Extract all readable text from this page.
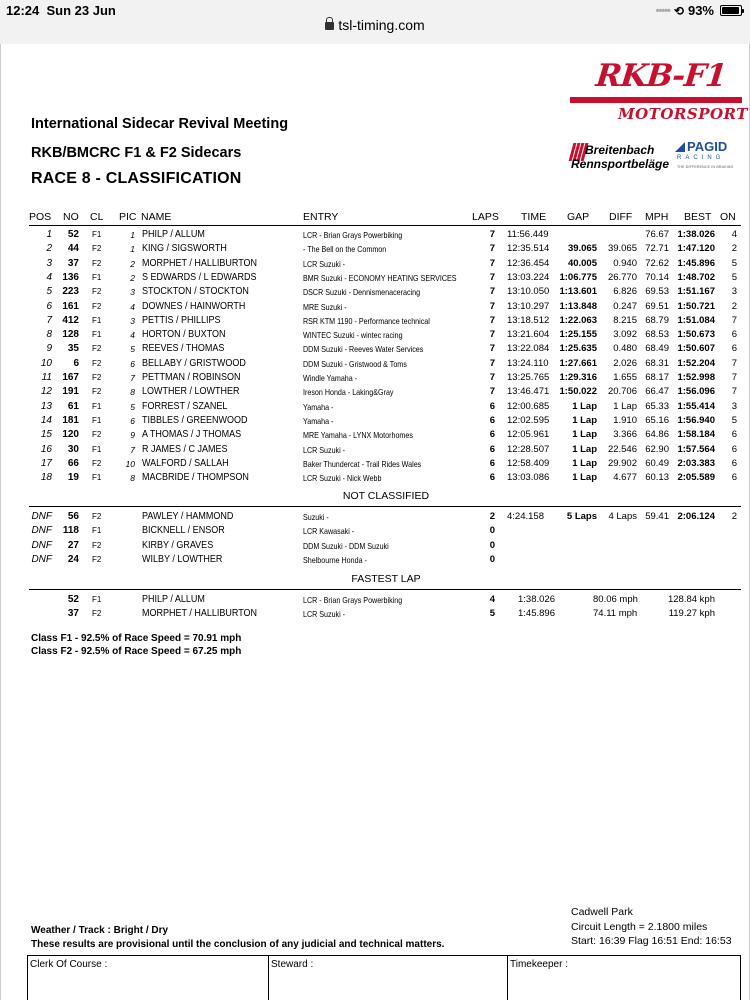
12:24 Sun 23 Jun	••••• ⟲ 93%
tsl-timing.com
RKB-F1
MOTORSPORT
Breitenbach
Rennsportbeläge
PAGID
RACING
THE DIFFERENCE IN BRAKING
International Sidecar Revival Meeting
RKB/BMCRC F1 & F2 Sidecars
RACE 8 - CLASSIFICATION
POS NO CL PIC NAME	ENTRY	LAPS TIME GAP DIFF MPH BEST ON
1	52 F1	1 PHILP / ALLUM	LCR - Brian Grays Powerbiking	7 11:56.449	76.67 1:38.026 4
2	44 F2	1 KING / SIGSWORTH	- The Bell on the Common	7 12:35.514	39.065	39.065 72.71 1:47.120 2
3	37 F2	2 MORPHET / HALLIBURTON	LCR Suzuki -	7 12:36.454	40.005	0.940 72.62 1:45.896 5
4	136 F1	2 S EDWARDS / L EDWARDS	BMR Suzuki - ECONOMY HEATING SERVICES	7 13:03.224 1:06.775	26.770 70.14 1:48.702 5
5	223 F2	3 STOCKTON / STOCKTON	DSCR Suzuki - Dennismenaceracing	7 13:10.050 1:13.601	6.826 69.53 1:51.167 3
6	161 F2	4 DOWNES / HAINWORTH	MRE Suzuki -	7 13:10.297 1:13.848	0.247 69.51 1:50.721 2
7	412 F1	3 PETTIS / PHILLIPS	RSR KTM 1190 - Performance technical	7 13:18.512 1:22.063	8.215 68.79 1:51.084 7
8	128 F1	4 HORTON / BUXTON	WINTEC Suzuki - wintec racing	7 13:21.604 1:25.155	3.092 68.53 1:50.673 6
9	35 F2	5 REEVES / THOMAS	DDM Suzuki - Reeves Water Services	7 13:22.084 1:25.635	0.480 68.49 1:50.607 6
10	6 F2	6 BELLABY / GRISTWOOD	DDM Suzuki - Gristwood & Toms	7 13:24.110	1:27.661	2.026 68.31 1:52.204 7
11	167 F2	7 PETTMAN / ROBINSON	Windle Yamaha -	7 13:25.765 1:29.316	1.655 68.17 1:52.998 7
12	191 F2	8 LOWTHER / LOWTHER	Ireson Honda - Laking&Gray	7 13:46.471 1:50.022	20.706 66.47 1:56.096 7
13	61 F1	5 FORREST / SZANEL	Yamaha -	6 12:00.685	1 Lap	1 Lap 65.33 1:55.414 3
14	181 F1	6 TIBBLES / GREENWOOD	Yamaha -	6 12:02.595	1 Lap	1.910 65.16 1:56.940 5
15	120 F2	9 A THOMAS / J THOMAS	MRE Yamaha - LYNX Motorhomes	6 12:05.961	1 Lap	3.366 64.86 1:58.184 6
16	30 F1	7 R JAMES / C JAMES	LCR Suzuki -	6 12:28.507	1 Lap	22.546 62.90 1:57.564 6
17	66 F2	10 WALFORD / SALLAH	Baker Thundercat - Trail Rides Wales	6 12:58.409	1 Lap	29.902 60.49 2:03.383 6
18	19 F1	8 MACBRIDE / THOMPSON	LCR Suzuki - Nick Webb	6 13:03.086	1 Lap	4.677 60.13 2:05.589 6
NOT CLASSIFIED
DNF	56 F2	PAWLEY / HAMMOND	Suzuki -	2 4:24.158	5 Laps	4 Laps 59.41 2:06.124 2
DNF	118 F1	BICKNELL / ENSOR	LCR Kawasaki -	0
DNF	27 F2	KIRBY / GRAVES	DDM Suzuki - DDM Suzuki	0
DNF	24 F2	WILBY / LOWTHER	Shelbourne Honda -	0
FASTEST LAP
52 F1	PHILP / ALLUM	LCR - Brian Grays Powerbiking	4 1:38.026	80.06 mph	128.84 kph
37 F2	MORPHET / HALLIBURTON	LCR Suzuki -	5 1:45.896	74.11 mph	119.27 kph
Class F1 - 92.5% of Race Speed = 70.91 mph
Class F2 - 92.5% of Race Speed = 67.25 mph
Cadwell Park
Circuit Length = 2.1800 miles
Start: 16:39 Flag 16:51 End: 16:53
Weather / Track : Bright / Dry
These results are provisional until the conclusion of any judicial and technical matters.
Clerk Of Course :	Steward :	Timekeeper :
